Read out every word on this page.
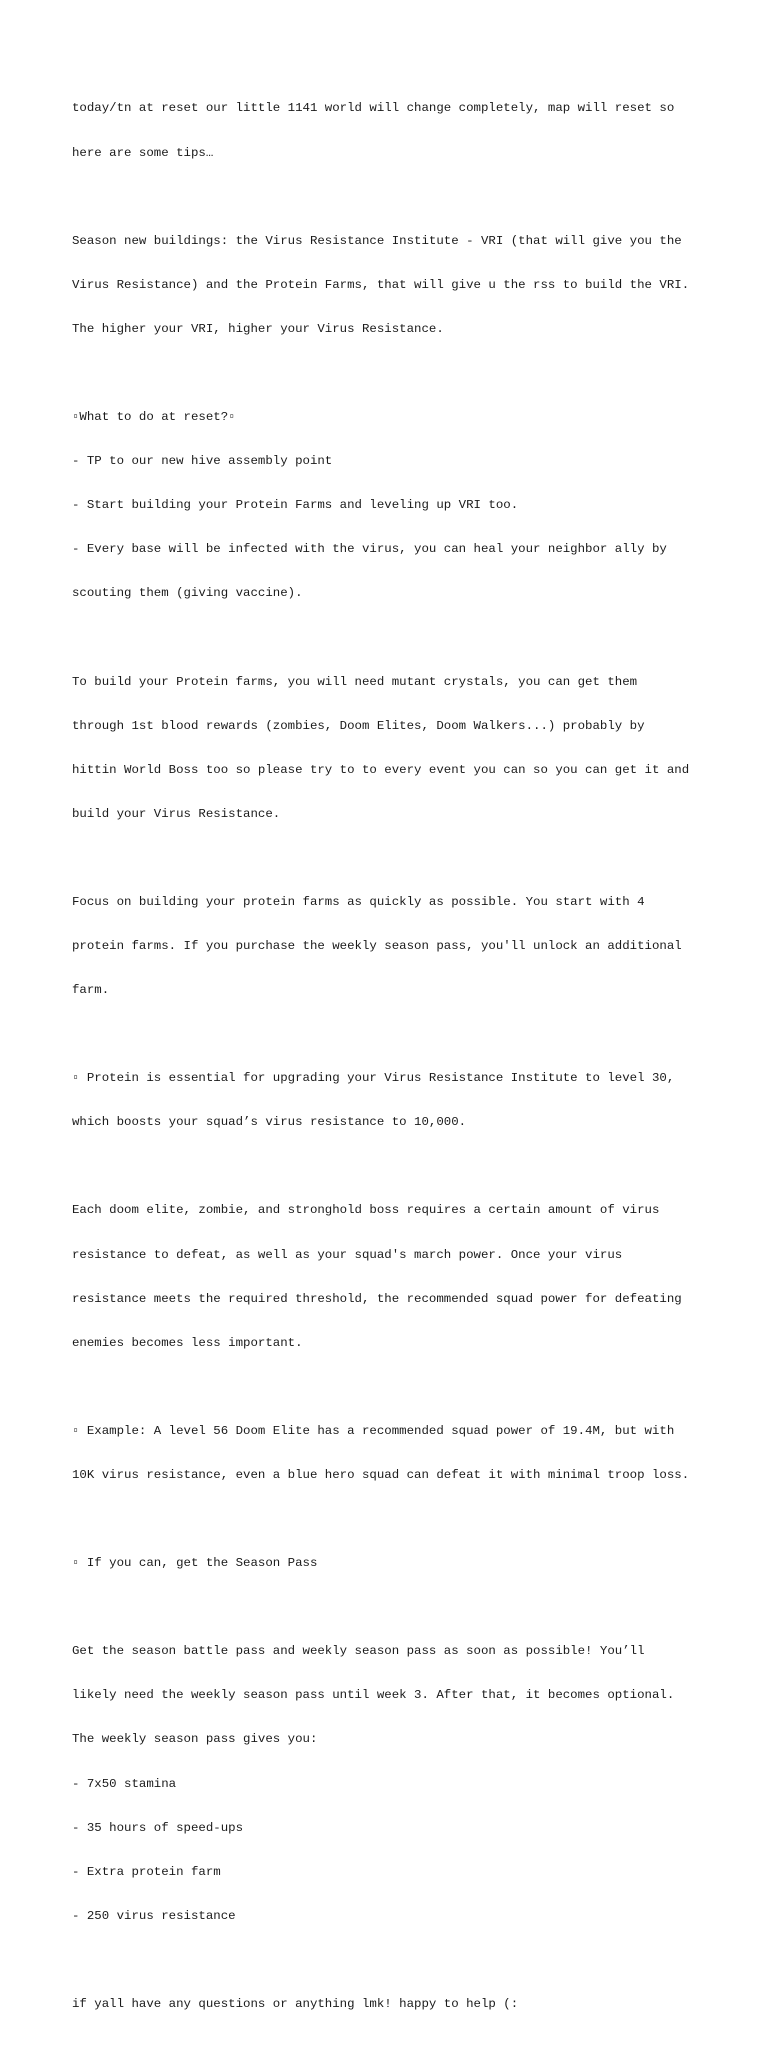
today/tn at reset our little 1141 world will change completely, map will reset so

here are some tips…

Season new buildings: the Virus Resistance Institute - VRI (that will give you the

Virus Resistance) and the Protein Farms, that will give u the rss to build the VRI.

The higher your VRI, higher your Virus Resistance.

▫What to do at reset?▫

- TP to our new hive assembly point

- Start building your Protein Farms and leveling up VRI too.

- Every base will be infected with the virus, you can heal your neighbor ally by

scouting them (giving vaccine).

To build your Protein farms, you will need mutant crystals, you can get them

through 1st blood rewards (zombies, Doom Elites, Doom Walkers...) probably by

hittin World Boss too so please try to to every event you can so you can get it and

build your Virus Resistance.

Focus on building your protein farms as quickly as possible. You start with 4

protein farms. If you purchase the weekly season pass, you'll unlock an additional

farm.

▫ Protein is essential for upgrading your Virus Resistance Institute to level 30,

which boosts your squad’s virus resistance to 10,000.

Each doom elite, zombie, and stronghold boss requires a certain amount of virus

resistance to defeat, as well as your squad's march power. Once your virus

resistance meets the required threshold, the recommended squad power for defeating

enemies becomes less important.

▫ Example: A level 56 Doom Elite has a recommended squad power of 19.4M, but with

10K virus resistance, even a blue hero squad can defeat it with minimal troop loss.

▫ If you can, get the Season Pass

Get the season battle pass and weekly season pass as soon as possible! You’ll

likely need the weekly season pass until week 3. After that, it becomes optional.

The weekly season pass gives you:

- 7x50 stamina

- 35 hours of speed-ups

- Extra protein farm

- 250 virus resistance

if yall have any questions or anything lmk! happy to help (:
